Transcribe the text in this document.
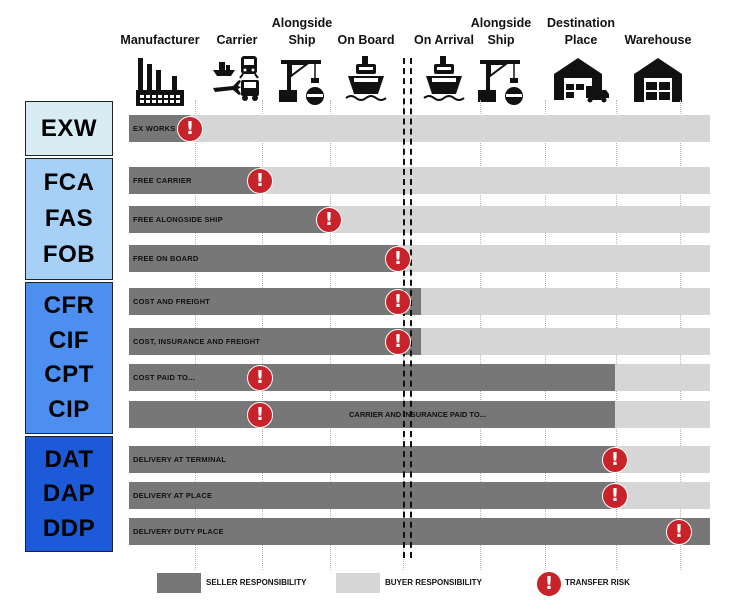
Manufacturer
	Carrier
Alongside
Ship
	On Board
	On Arrival
Alongside
Ship
Destination
Place
	Warehouse
EXW
FCA
FAS
FOB
CFR
CIF
CPT
CIP
DAT
DAP
DDP
EX WORKS
FREE CARRIER
FREE ALONGSIDE SHIP
FREE ON BOARD
COST AND FREIGHT
COST, INSURANCE AND FREIGHT
COST PAID TO...
CARRIER AND INSURANCE PAID TO...
DELIVERY AT TERMINAL
DELIVERY AT PLACE
DELIVERY DUTY PLACE
!
!
!
!
!
!
!
!
!
!
!
SELLER RESPONSIBILITY	BUYER RESPONSIBILITY
!	TRANSFER RISK
